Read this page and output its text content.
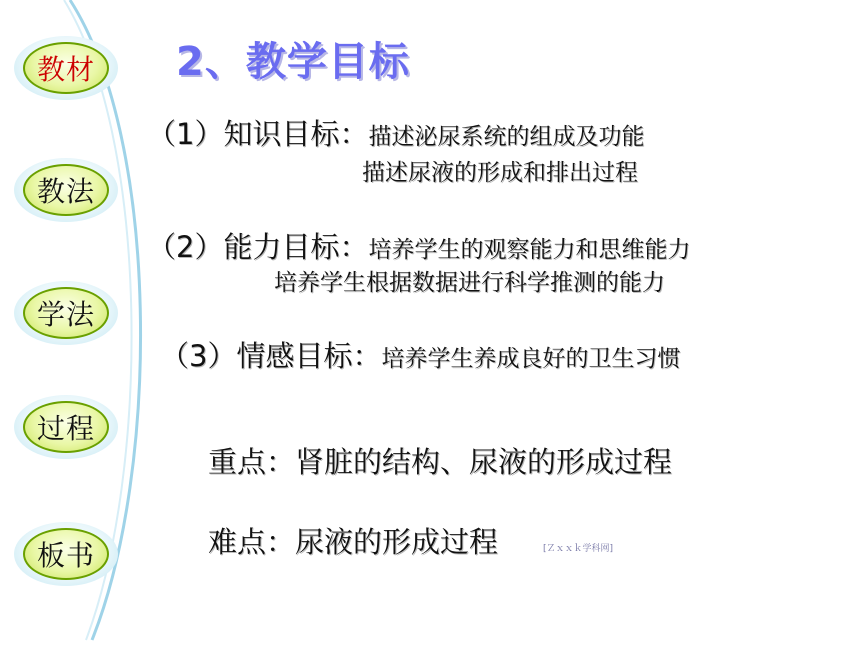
教材
教法
学法
过程
板书
2、教学目标
（1）知识目标：描述泌尿系统的组成及功能
描述尿液的形成和排出过程
（2）能力目标：培养学生的观察能力和思维能力
培养学生根据数据进行科学推测的能力
（3）情感目标：培养学生养成良好的卫生习惯
重点：肾脏的结构、尿液的形成过程
难点：尿液的形成过程	[Ｚｘｘｋ学科网]
